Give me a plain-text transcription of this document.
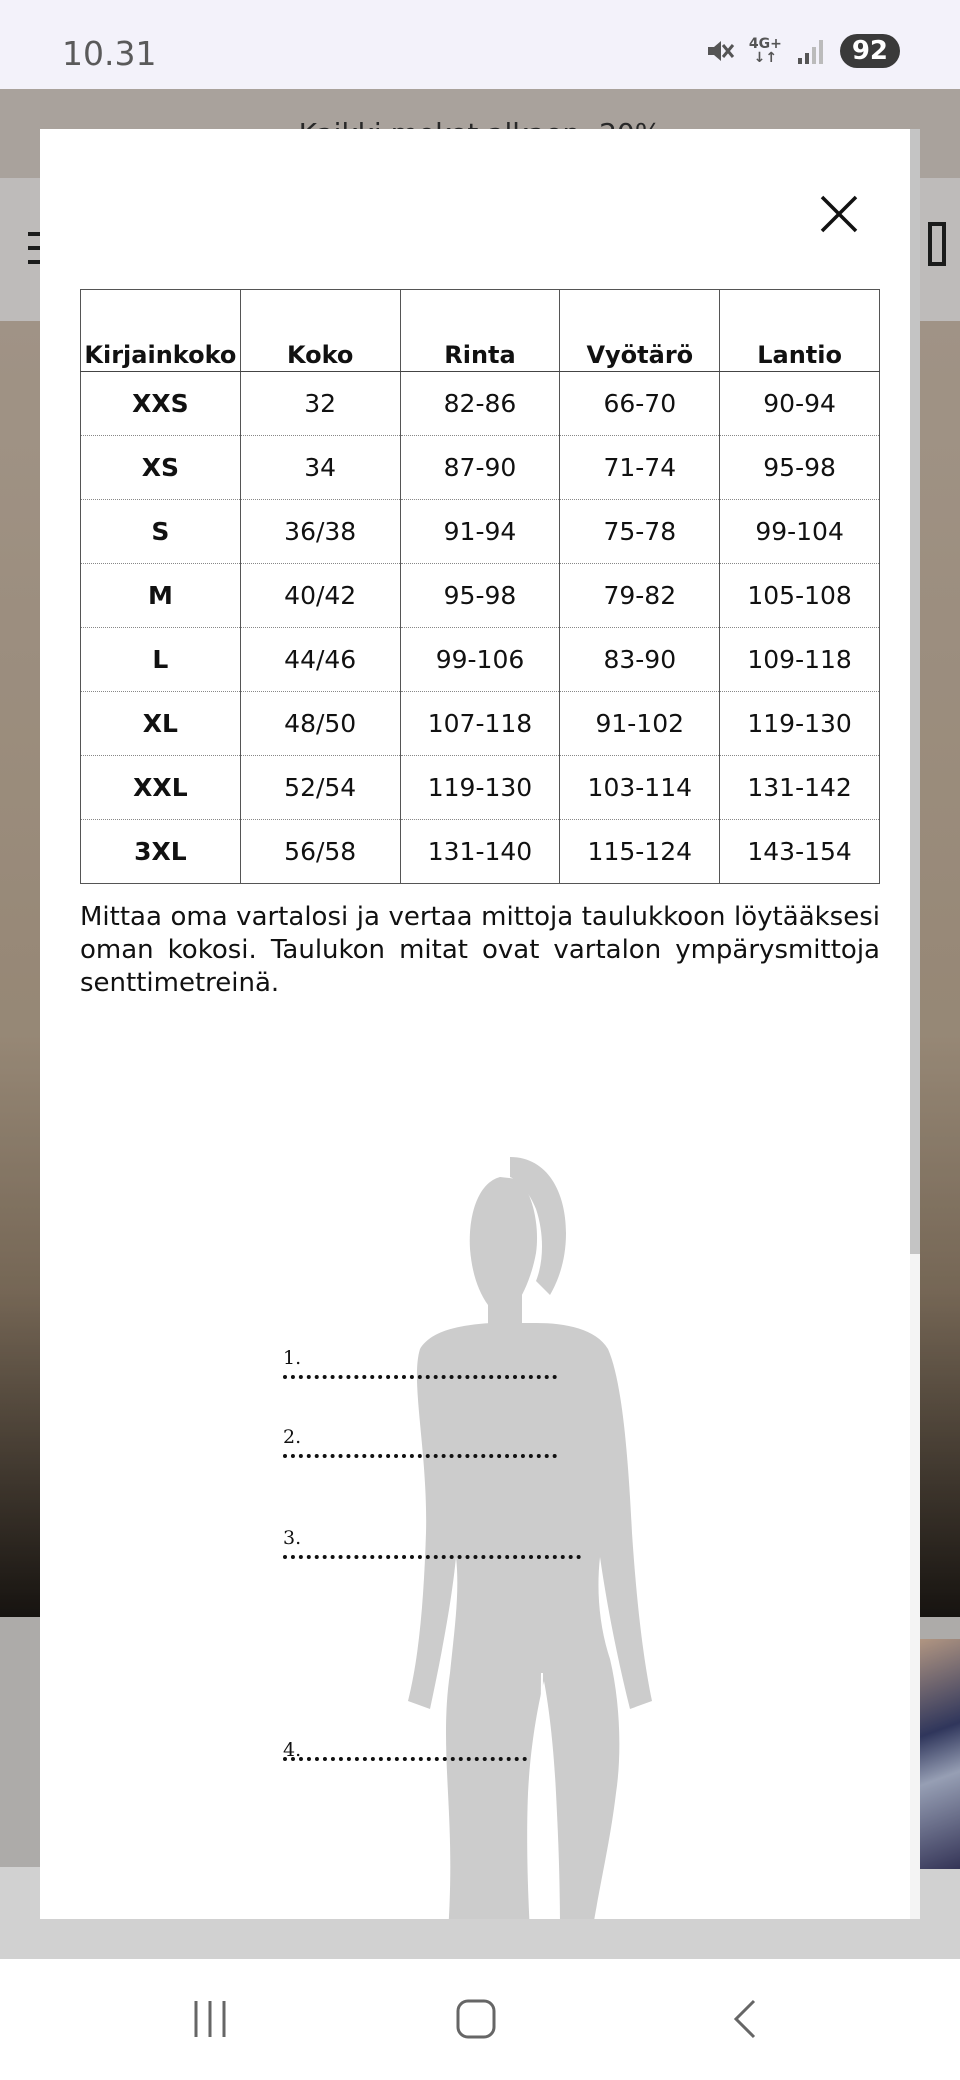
10.31	4G+
↓↑	92
Kirjainkoko	Koko	Rinta	Vyötärö	Lantio
XXS	32	82-86	66-70	90-94
XS	34	87-90	71-74	95-98
S	36/38	91-94	75-78	99-104
M	40/42	95-98	79-82	105-108
L	44/46	99-106	83-90	109-118
XL	48/50	107-118	91-102	119-130
XXL	52/54	119-130	103-114	131-142
3XL	56/58	131-140	115-124	143-154

Mittaa oma vartalosi ja vertaa mittoja taulukkoon löytääksesi oman kokosi. Taulukon mitat ovat vartalon ympärysmittoja senttimetreinä.

1.
2.
3.
4.
